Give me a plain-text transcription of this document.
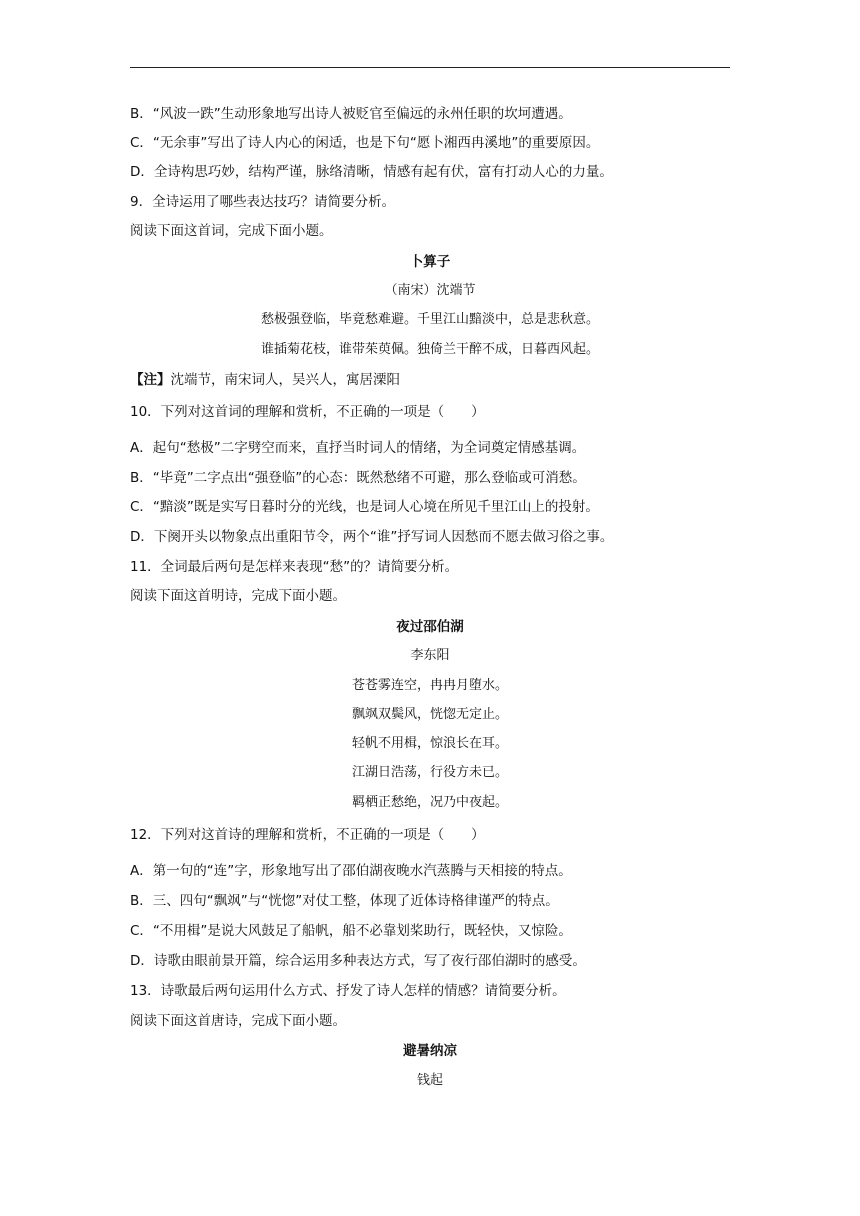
B．“风波一跌”生动形象地写出诗人被贬官至偏远的永州任职的坎坷遭遇。
C．“无余事”写出了诗人内心的闲适，也是下句“愿卜湘西冉溪地”的重要原因。
D．全诗构思巧妙，结构严谨，脉络清晰，情感有起有伏，富有打动人心的力量。
9．全诗运用了哪些表达技巧？请简要分析。
阅读下面这首词，完成下面小题。
卜算子
（南宋）沈端节
愁极强登临，毕竟愁难避。千里江山黯淡中，总是悲秋意。
谁插菊花枝，谁带茱萸佩。独倚兰干醉不成，日暮西风起。
【注】沈端节，南宋词人，吴兴人，寓居溧阳
10．下列对这首词的理解和赏析，不正确的一项是（　　）
A．起句“愁极”二字劈空而来，直抒当时词人的情绪，为全词奠定情感基调。
B．“毕竟”二字点出“强登临”的心态：既然愁绪不可避，那么登临或可消愁。
C．“黯淡”既是实写日暮时分的光线，也是词人心境在所见千里江山上的投射。
D．下阕开头以物象点出重阳节令，两个“谁”抒写词人因愁而不愿去做习俗之事。
11．全词最后两句是怎样来表现“愁”的？请简要分析。
阅读下面这首明诗，完成下面小题。
夜过邵伯湖
李东阳
苍苍雾连空，冉冉月堕水。
飘飒双鬓风，恍惚无定止。
轻帆不用楫，惊浪长在耳。
江湖日浩荡，行役方未已。
羁栖正愁绝，况乃中夜起。
12．下列对这首诗的理解和赏析，不正确的一项是（　　）
A．第一句的“连”字，形象地写出了邵伯湖夜晚水汽蒸腾与天相接的特点。
B．三、四句“飘飒”与“恍惚”对仗工整，体现了近体诗格律谨严的特点。
C．“不用楫”是说大风鼓足了船帆，船不必靠划桨助行，既轻快，又惊险。
D．诗歌由眼前景开篇，综合运用多种表达方式，写了夜行邵伯湖时的感受。
13．诗歌最后两句运用什么方式、抒发了诗人怎样的情感？请简要分析。
阅读下面这首唐诗，完成下面小题。
避暑纳凉
钱起
